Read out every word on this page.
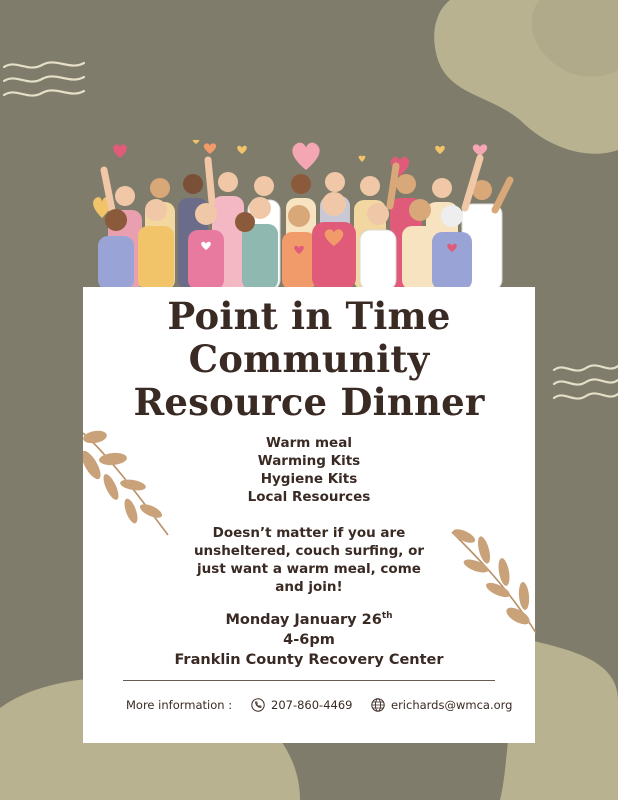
Point in Time
Community
Resource Dinner
Warm meal
Warming Kits
Hygiene Kits
Local Resources
Doesn’t matter if you are
unsheltered, couch surfing, or
just want a warm meal, come
and join!
Monday January 26th
4-6pm
Franklin County Recovery Center
More information :	207-860-4469	erichards@wmca.org
